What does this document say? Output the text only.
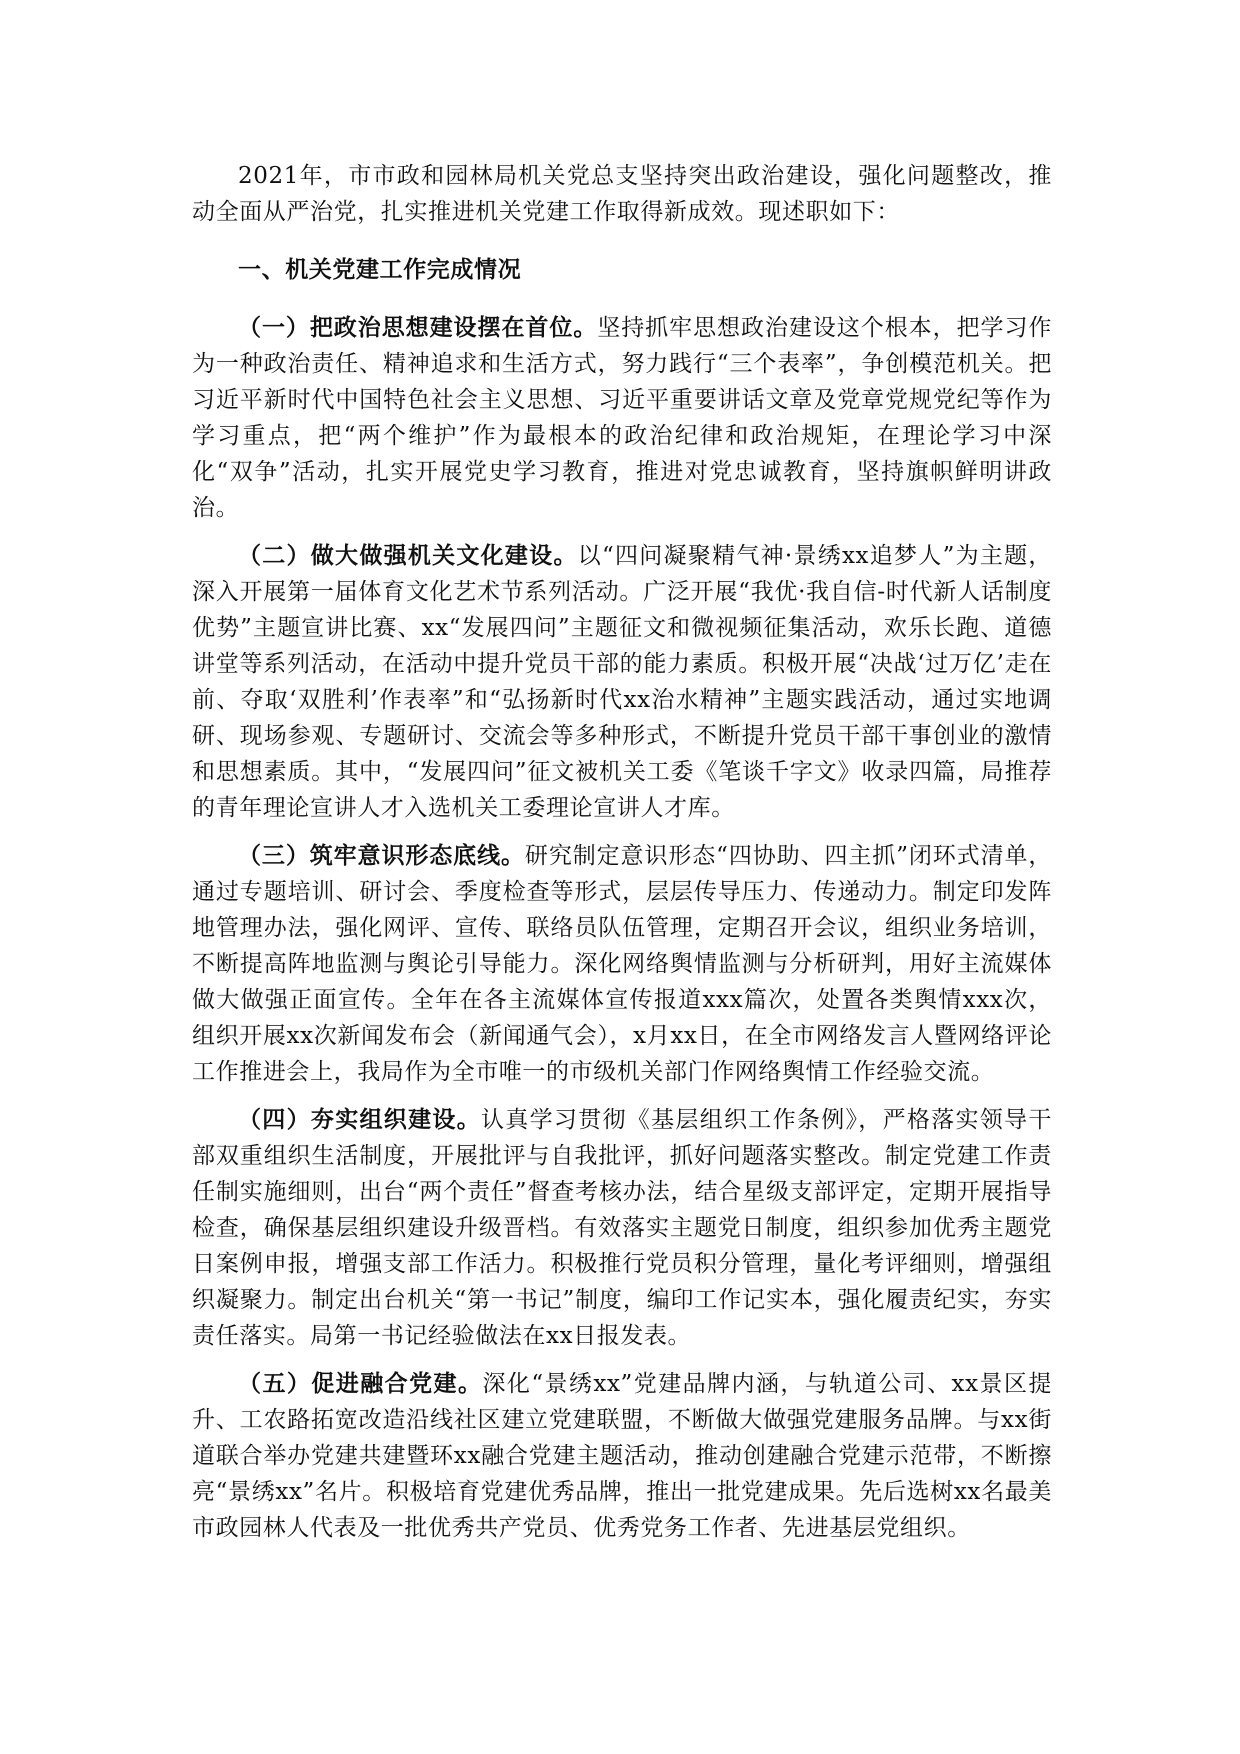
2021年，市市政和园林局机关党总支坚持突出政治建设，强化问题整改，推动全面从严治党，扎实推进机关党建工作取得新成效。现述职如下：

一、机关党建工作完成情况

（一）把政治思想建设摆在首位。坚持抓牢思想政治建设这个根本，把学习作为一种政治责任、精神追求和生活方式，努力践行“三个表率”，争创模范机关。把习近平新时代中国特色社会主义思想、习近平重要讲话文章及党章党规党纪等作为学习重点，把“两个维护”作为最根本的政治纪律和政治规矩，在理论学习中深化“双争”活动，扎实开展党史学习教育，推进对党忠诚教育，坚持旗帜鲜明讲政治。

（二）做大做强机关文化建设。以“四问凝聚精气神·景绣xx追梦人”为主题，深入开展第一届体育文化艺术节系列活动。广泛开展“我优·我自信-时代新人话制度优势”主题宣讲比赛、xx“发展四问”主题征文和微视频征集活动，欢乐长跑、道德讲堂等系列活动，在活动中提升党员干部的能力素质。积极开展“决战‘过万亿’走在前、夺取‘双胜利’作表率”和“弘扬新时代xx治水精神”主题实践活动，通过实地调研、现场参观、专题研讨、交流会等多种形式，不断提升党员干部干事创业的激情和思想素质。其中，“发展四问”征文被机关工委《笔谈千字文》收录四篇，局推荐的青年理论宣讲人才入选机关工委理论宣讲人才库。

（三）筑牢意识形态底线。研究制定意识形态“四协助、四主抓”闭环式清单，通过专题培训、研讨会、季度检查等形式，层层传导压力、传递动力。制定印发阵地管理办法，强化网评、宣传、联络员队伍管理，定期召开会议，组织业务培训，不断提高阵地监测与舆论引导能力。深化网络舆情监测与分析研判，用好主流媒体做大做强正面宣传。全年在各主流媒体宣传报道xxx篇次，处置各类舆情xxx次，组织开展xx次新闻发布会（新闻通气会），x月xx日，在全市网络发言人暨网络评论工作推进会上，我局作为全市唯一的市级机关部门作网络舆情工作经验交流。

（四）夯实组织建设。认真学习贯彻《基层组织工作条例》，严格落实领导干部双重组织生活制度，开展批评与自我批评，抓好问题落实整改。制定党建工作责任制实施细则，出台“两个责任”督查考核办法，结合星级支部评定，定期开展指导检查，确保基层组织建设升级晋档。有效落实主题党日制度，组织参加优秀主题党日案例申报，增强支部工作活力。积极推行党员积分管理，量化考评细则，增强组织凝聚力。制定出台机关“第一书记”制度，编印工作记实本，强化履责纪实，夯实责任落实。局第一书记经验做法在xx日报发表。

（五）促进融合党建。深化“景绣xx”党建品牌内涵，与轨道公司、xx景区提升、工农路拓宽改造沿线社区建立党建联盟，不断做大做强党建服务品牌。与xx街道联合举办党建共建暨环xx融合党建主题活动，推动创建融合党建示范带，不断擦亮“景绣xx”名片。积极培育党建优秀品牌，推出一批党建成果。先后选树xx名最美市政园林人代表及一批优秀共产党员、优秀党务工作者、先进基层党组织。
